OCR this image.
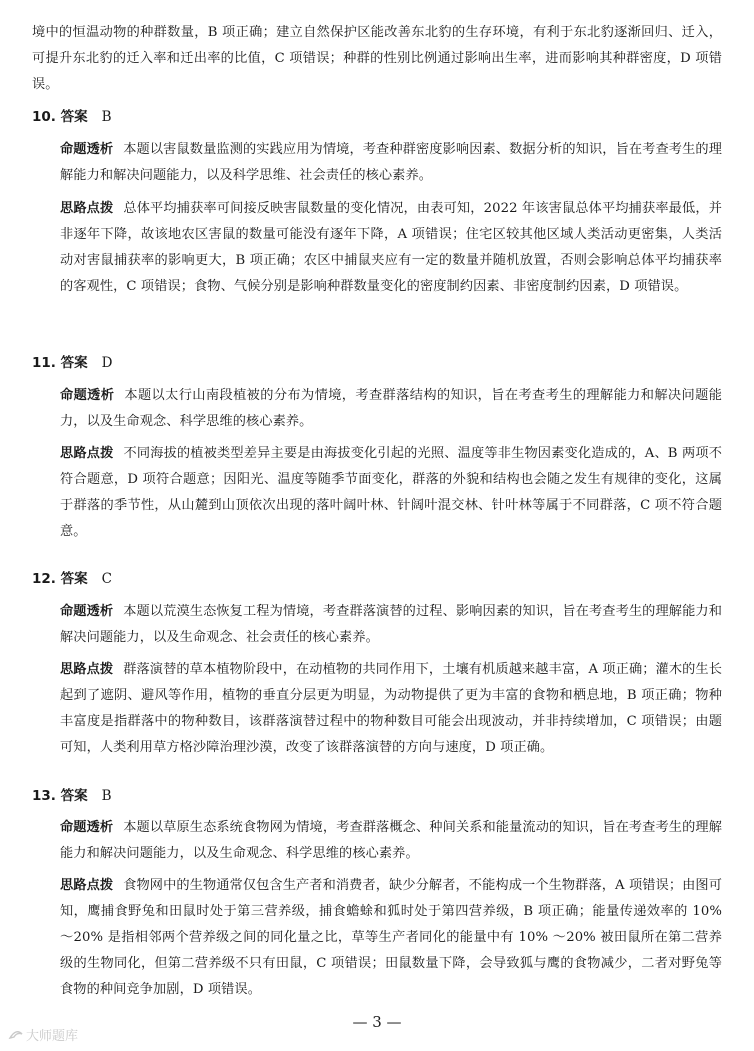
境中的恒温动物的种群数量，B 项正确；建立自然保护区能改善东北豹的生存环境，有利于东北豹逐渐回归、迁入，可提升东北豹的迁入率和迁出率的比值，C 项错误；种群的性别比例通过影响出生率，进而影响其种群密度，D 项错误。
10. 答案 B
命题透析 本题以害鼠数量监测的实践应用为情境，考查种群密度影响因素、数据分析的知识，旨在考查考生的理解能力和解决问题能力，以及科学思维、社会责任的核心素养。
思路点拨 总体平均捕获率可间接反映害鼠数量的变化情况，由表可知，2022 年该害鼠总体平均捕获率最低，并非逐年下降，故该地农区害鼠的数量可能没有逐年下降，A 项错误；住宅区较其他区域人类活动更密集，人类活动对害鼠捕获率的影响更大，B 项正确；农区中捕鼠夹应有一定的数量并随机放置，否则会影响总体平均捕获率的客观性，C 项错误；食物、气候分别是影响种群数量变化的密度制约因素、非密度制约因素，D 项错误。
11. 答案 D
命题透析 本题以太行山南段植被的分布为情境，考查群落结构的知识，旨在考查考生的理解能力和解决问题能力，以及生命观念、科学思维的核心素养。
思路点拨 不同海拔的植被类型差异主要是由海拔变化引起的光照、温度等非生物因素变化造成的，A、B 两项不符合题意，D 项符合题意；因阳光、温度等随季节面变化，群落的外貌和结构也会随之发生有规律的变化，这属于群落的季节性，从山麓到山顶依次出现的落叶阔叶林、针阔叶混交林、针叶林等属于不同群落，C 项不符合题意。
12. 答案 C
命题透析 本题以荒漠生态恢复工程为情境，考查群落演替的过程、影响因素的知识，旨在考查考生的理解能力和解决问题能力，以及生命观念、社会责任的核心素养。
思路点拨 群落演替的草本植物阶段中，在动植物的共同作用下，土壤有机质越来越丰富，A 项正确；灌木的生长起到了遮阴、避风等作用，植物的垂直分层更为明显，为动物提供了更为丰富的食物和栖息地，B 项正确；物种丰富度是指群落中的物种数目，该群落演替过程中的物种数目可能会出现波动，并非持续增加，C 项错误；由题可知，人类利用草方格沙障治理沙漠，改变了该群落演替的方向与速度，D 项正确。
13. 答案 B
命题透析 本题以草原生态系统食物网为情境，考查群落概念、种间关系和能量流动的知识，旨在考查考生的理解能力和解决问题能力，以及生命观念、科学思维的核心素养。
思路点拨 食物网中的生物通常仅包含生产者和消费者，缺少分解者，不能构成一个生物群落，A 项错误；由图可知，鹰捕食野兔和田鼠时处于第三营养级，捕食蟾蜍和狐时处于第四营养级，B 项正确；能量传递效率的 10% ～20% 是指相邻两个营养级之间的同化量之比，草等生产者同化的能量中有 10% ～20% 被田鼠所在第二营养级的生物同化，但第二营养级不只有田鼠，C 项错误；田鼠数量下降，会导致狐与鹰的食物减少，二者对野兔等食物的种间竞争加剧，D 项错误。
— 3 —
大师题库
